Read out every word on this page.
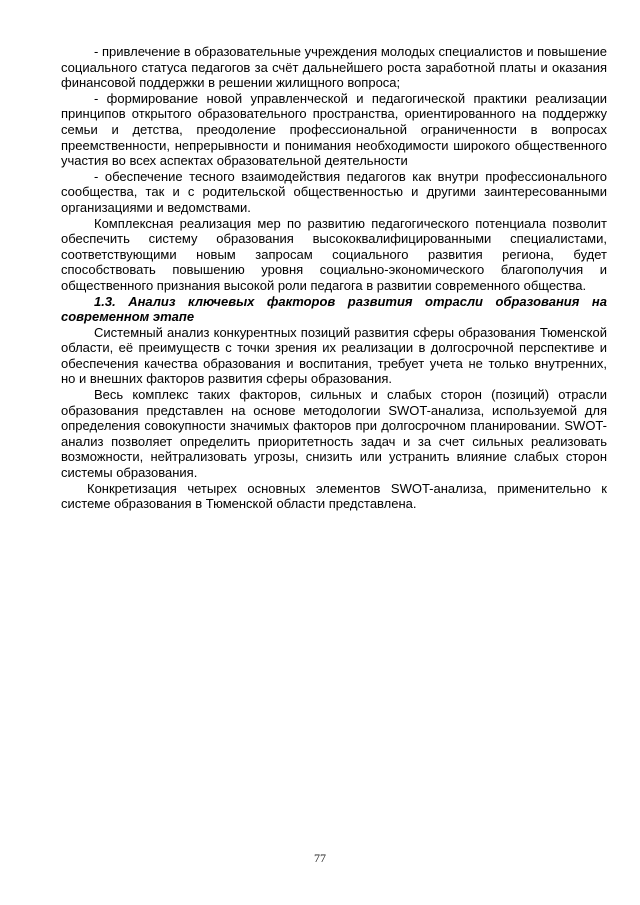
- привлечение в образовательные учреждения молодых специалистов и повышение социального статуса педагогов за счёт дальнейшего роста заработной платы и оказания финансовой поддержки в решении жилищного вопроса;

- формирование новой управленческой и педагогической практики реализации принципов открытого образовательного пространства, ориентированного на поддержку семьи и детства, преодоление профессиональной ограниченности в вопросах преемственности, непрерывности и понимания необходимости широкого общественного участия во всех аспектах образовательной деятельности

- обеспечение тесного взаимодействия педагогов как внутри профессионального сообщества, так и с родительской общественностью и другими заинтересованными организациями и ведомствами.

Комплексная реализация мер по развитию педагогического потенциала позволит обеспечить систему образования высококвалифицированными специалистами, соответствующими новым запросам социального развития региона, будет способствовать повышению уровня социально-экономического благополучия и общественного признания высокой роли педагога в развитии современного общества.

1.3. Анализ ключевых факторов развития отрасли образования на современном этапе

Системный анализ конкурентных позиций развития сферы образования Тюменской области, её преимуществ с точки зрения их реализации в долгосрочной перспективе и обеспечения качества образования и воспитания, требует учета не только внутренних, но и внешних факторов развития сферы образования.

Весь комплекс таких факторов, сильных и слабых сторон (позиций) отрасли образования представлен на основе методологии SWOT-анализа, используемой для определения совокупности значимых факторов при долгосрочном планировании. SWOT-анализ позволяет определить приоритетность задач и за счет сильных реализовать возможности, нейтрализовать угрозы, снизить или устранить влияние слабых сторон системы образования.

Конкретизация четырех основных элементов SWOT-анализа, применительно к системе образования в Тюменской области представлена.

77
